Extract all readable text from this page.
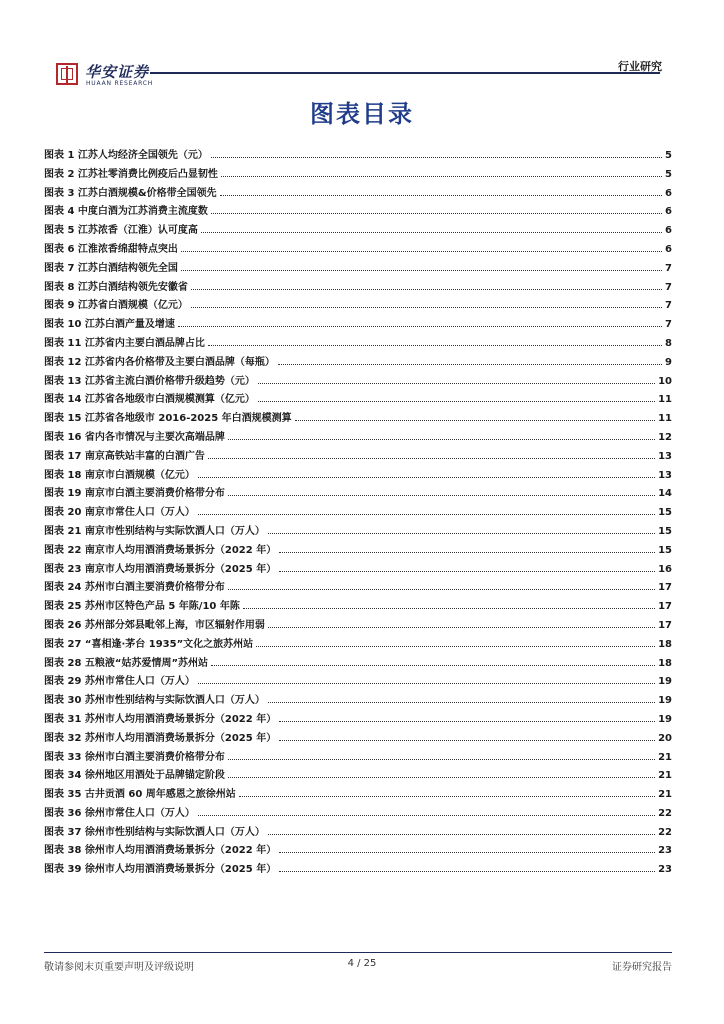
华安证券
HUAAN RESEARCH
行业研究
图表目录
图表 1 江苏人均经济全国领先（元）	5
图表 2 江苏社零消费比例疫后凸显韧性	5
图表 3 江苏白酒规模&价格带全国领先	6
图表 4 中度白酒为江苏消费主流度数	6
图表 5 江苏浓香（江淮）认可度高	6
图表 6 江淮浓香绵甜特点突出	6
图表 7 江苏白酒结构领先全国	7
图表 8 江苏白酒结构领先安徽省	7
图表 9 江苏省白酒规模（亿元）	7
图表 10 江苏白酒产量及增速	7
图表 11 江苏省内主要白酒品牌占比	8
图表 12 江苏省内各价格带及主要白酒品牌（每瓶）	9
图表 13 江苏省主流白酒价格带升级趋势（元）	10
图表 14 江苏省各地级市白酒规模测算（亿元）	11
图表 15 江苏省各地级市 2016-2025 年白酒规模测算	11
图表 16 省内各市情况与主要次高端品牌	12
图表 17 南京高铁站丰富的白酒广告	13
图表 18 南京市白酒规模（亿元）	13
图表 19 南京市白酒主要消费价格带分布	14
图表 20 南京市常住人口（万人）	15
图表 21 南京市性别结构与实际饮酒人口（万人）	15
图表 22 南京市人均用酒消费场景拆分（2022 年）	15
图表 23 南京市人均用酒消费场景拆分（2025 年）	16
图表 24 苏州市白酒主要消费价格带分布	17
图表 25 苏州市区特色产品 5 年陈/10 年陈	17
图表 26 苏州部分郊县毗邻上海，市区辐射作用弱	17
图表 27 “喜相逢·茅台 1935”文化之旅苏州站	18
图表 28 五粮液“姑苏爱情周”苏州站	18
图表 29 苏州市常住人口（万人）	19
图表 30 苏州市性别结构与实际饮酒人口（万人）	19
图表 31 苏州市人均用酒消费场景拆分（2022 年）	19
图表 32 苏州市人均用酒消费场景拆分（2025 年）	20
图表 33 徐州市白酒主要消费价格带分布	21
图表 34 徐州地区用酒处于品牌锚定阶段	21
图表 35 古井贡酒 60 周年感恩之旅徐州站	21
图表 36 徐州市常住人口（万人）	22
图表 37 徐州市性别结构与实际饮酒人口（万人）	22
图表 38 徐州市人均用酒消费场景拆分（2022 年）	23
图表 39 徐州市人均用酒消费场景拆分（2025 年）	23
敬请参阅末页重要声明及评级说明	4 / 25	证券研究报告
